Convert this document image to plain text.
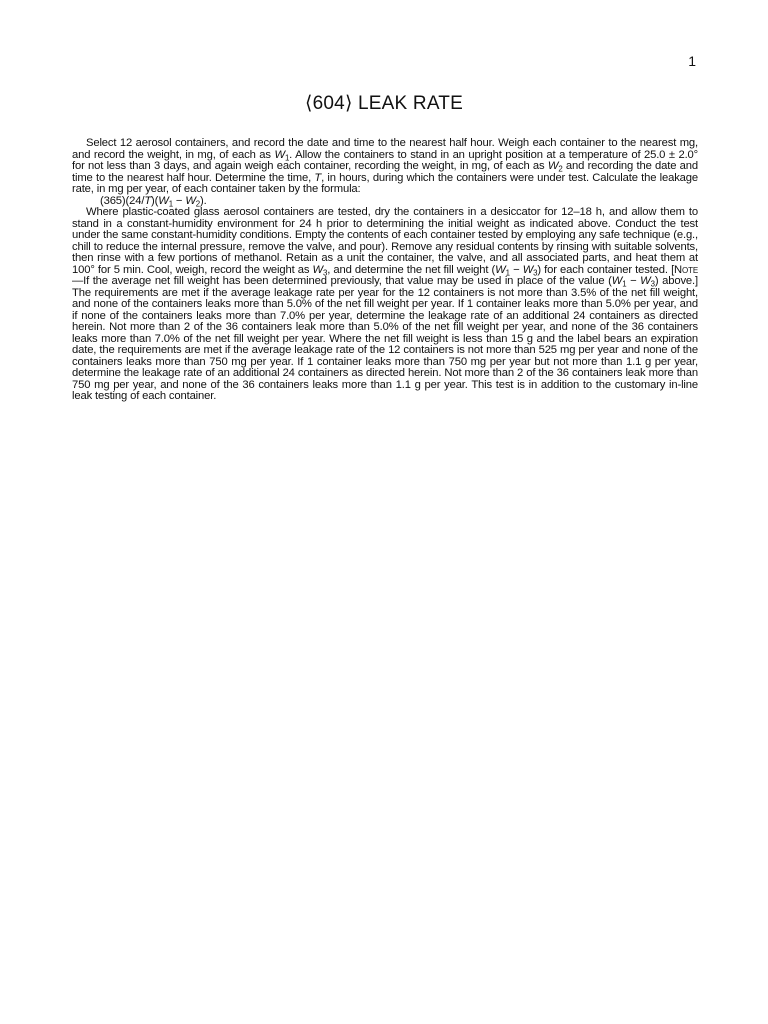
1
⟨604⟩ LEAK RATE

Select 12 aerosol containers, and record the date and time to the nearest half hour. Weigh each container to the nearest mg, and record the weight, in mg, of each as $W_1$. Allow the containers to stand in an upright position at a temperature of 25.0 ± 2.0° for not less than 3 days, and again weigh each container, recording the weight, in mg, of each as $W_2$ and recording the date and time to the nearest half hour. Determine the time, T, in hours, during which the containers were under test. Calculate the leakage rate, in mg per year, of each container taken by the formula:

$(365)(24/T)(W_1 - W_2)$.

Where plastic-coated glass aerosol containers are tested, dry the containers in a desiccator for 12–18 h, and allow them to stand in a constant-humidity environment for 24 h prior to determining the initial weight as indicated above. Conduct the test under the same constant-humidity conditions. Empty the contents of each container tested by employing any safe technique (e.g., chill to reduce the internal pressure, remove the valve, and pour). Remove any residual contents by rinsing with suitable solvents, then rinse with a few portions of methanol. Retain as a unit the container, the valve, and all associated parts, and heat them at 100° for 5 min. Cool, weigh, record the weight as $W_3$, and determine the net fill weight $(W_1 - W_3)$ for each container tested. [Note—If the average net fill weight has been determined previously, that value may be used in place of the value $(W_1 - W_3)$ above.] The requirements are met if the average leakage rate per year for the 12 containers is not more than 3.5% of the net fill weight, and none of the containers leaks more than 5.0% of the net fill weight per year. If 1 container leaks more than 5.0% per year, and if none of the containers leaks more than 7.0% per year, determine the leakage rate of an additional 24 containers as directed herein. Not more than 2 of the 36 containers leak more than 5.0% of the net fill weight per year, and none of the 36 containers leaks more than 7.0% of the net fill weight per year. Where the net fill weight is less than 15 g and the label bears an expiration date, the requirements are met if the average leakage rate of the 12 containers is not more than 525 mg per year and none of the containers leaks more than 750 mg per year. If 1 container leaks more than 750 mg per year but not more than 1.1 g per year, determine the leakage rate of an additional 24 containers as directed herein. Not more than 2 of the 36 containers leak more than 750 mg per year, and none of the 36 containers leaks more than 1.1 g per year. This test is in addition to the customary in-line leak testing of each container.
